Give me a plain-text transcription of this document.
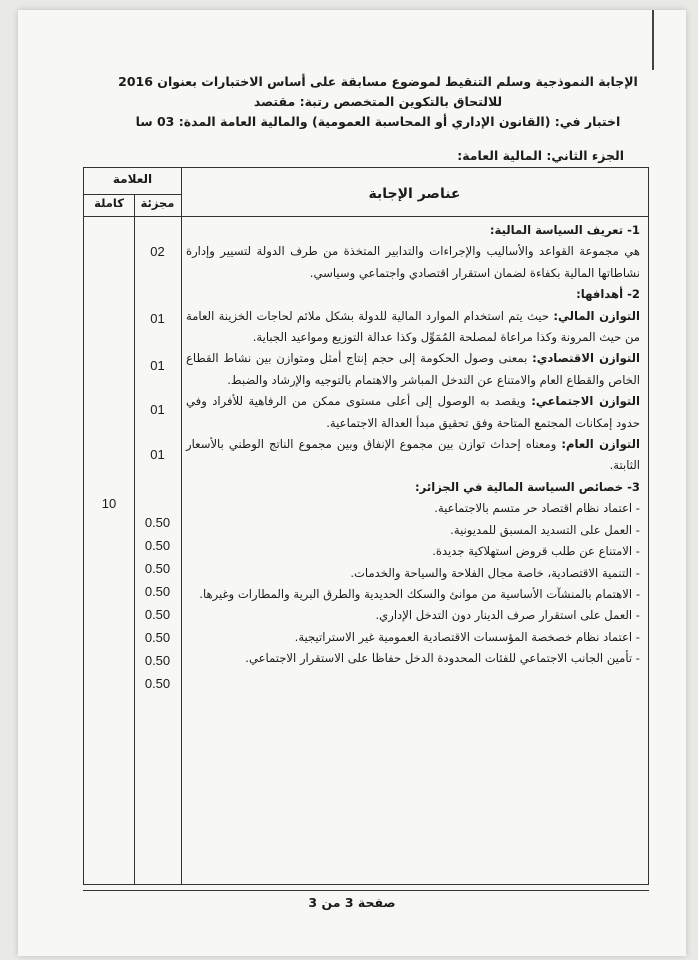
الإجابة النموذجية وسلم التنقيط لموضوع مسابقة على أساس الاختبارات بعنوان 2016
للالتحاق بالتكوين المتخصص رتبة: مقتصد
اختبار في: (القانون الإداري أو المحاسبة العمومية) والمالية العامة المدة: 03 سا
الجزء الثاني: المالية العامة:
العلامة
مجزئة
كاملة
عناصر الإجابة

1- تعريف السياسة المالية:

هي مجموعة القواعد والأساليب والإجراءات والتدابير المتخذة من طرف الدولة لتسيير وإدارة نشاطاتها المالية بكفاءة لضمان استقرار اقتصادي واجتماعي وسياسي.

2- أهدافها:

التوازن المالي: حيث يتم استخدام الموارد المالية للدولة بشكل ملائم لحاجات الخزينة العامة من حيث المرونة وكذا مراعاة لمصلحة المُمَوِّل وكذا عدالة التوزيع ومواعيد الجباية.

التوازن الاقتصادي: بمعنى وصول الحكومة إلى حجم إنتاج أمثل ومتوازن بين نشاط القطاع الخاص والقطاع العام والامتناع عن التدخل المباشر والاهتمام بالتوجيه والإرشاد والضبط.

التوازن الاجتماعي: ويقصد به الوصول إلى أعلى مستوى ممكن من الرفاهية للأفراد وفي حدود إمكانات المجتمع المتاحة وفق تحقيق مبدأ العدالة الاجتماعية.

التوازن العام: ومعناه إحداث توازن بين مجموع الإنفاق وبين مجموع الناتج الوطني بالأسعار الثابتة.

3- خصائص السياسة المالية في الجزائر:

- اعتماد نظام اقتصاد حر متسم بالاجتماعية.

- العمل على التسديد المسبق للمديونية.

- الامتناع عن طلب قروض استهلاكية جديدة.

- التنمية الاقتصادية، خاصة مجال الفلاحة والسياحة والخدمات.

- الاهتمام بالمنشآت الأساسية من موانئ والسكك الحديدية والطرق البرية والمطارات وغيرها.

- العمل على استقرار صرف الدينار دون التدخل الإداري.

- اعتماد نظام خصخصة المؤسسات الاقتصادية العمومية غير الاستراتيجية.

- تأمين الجانب الاجتماعي للفئات المحدودة الدخل حفاظا على الاستقرار الاجتماعي.

02
01
01
01
01
0.50
0.50
0.50
0.50
0.50
0.50
0.50
0.50
10
صفحة 3 من 3
